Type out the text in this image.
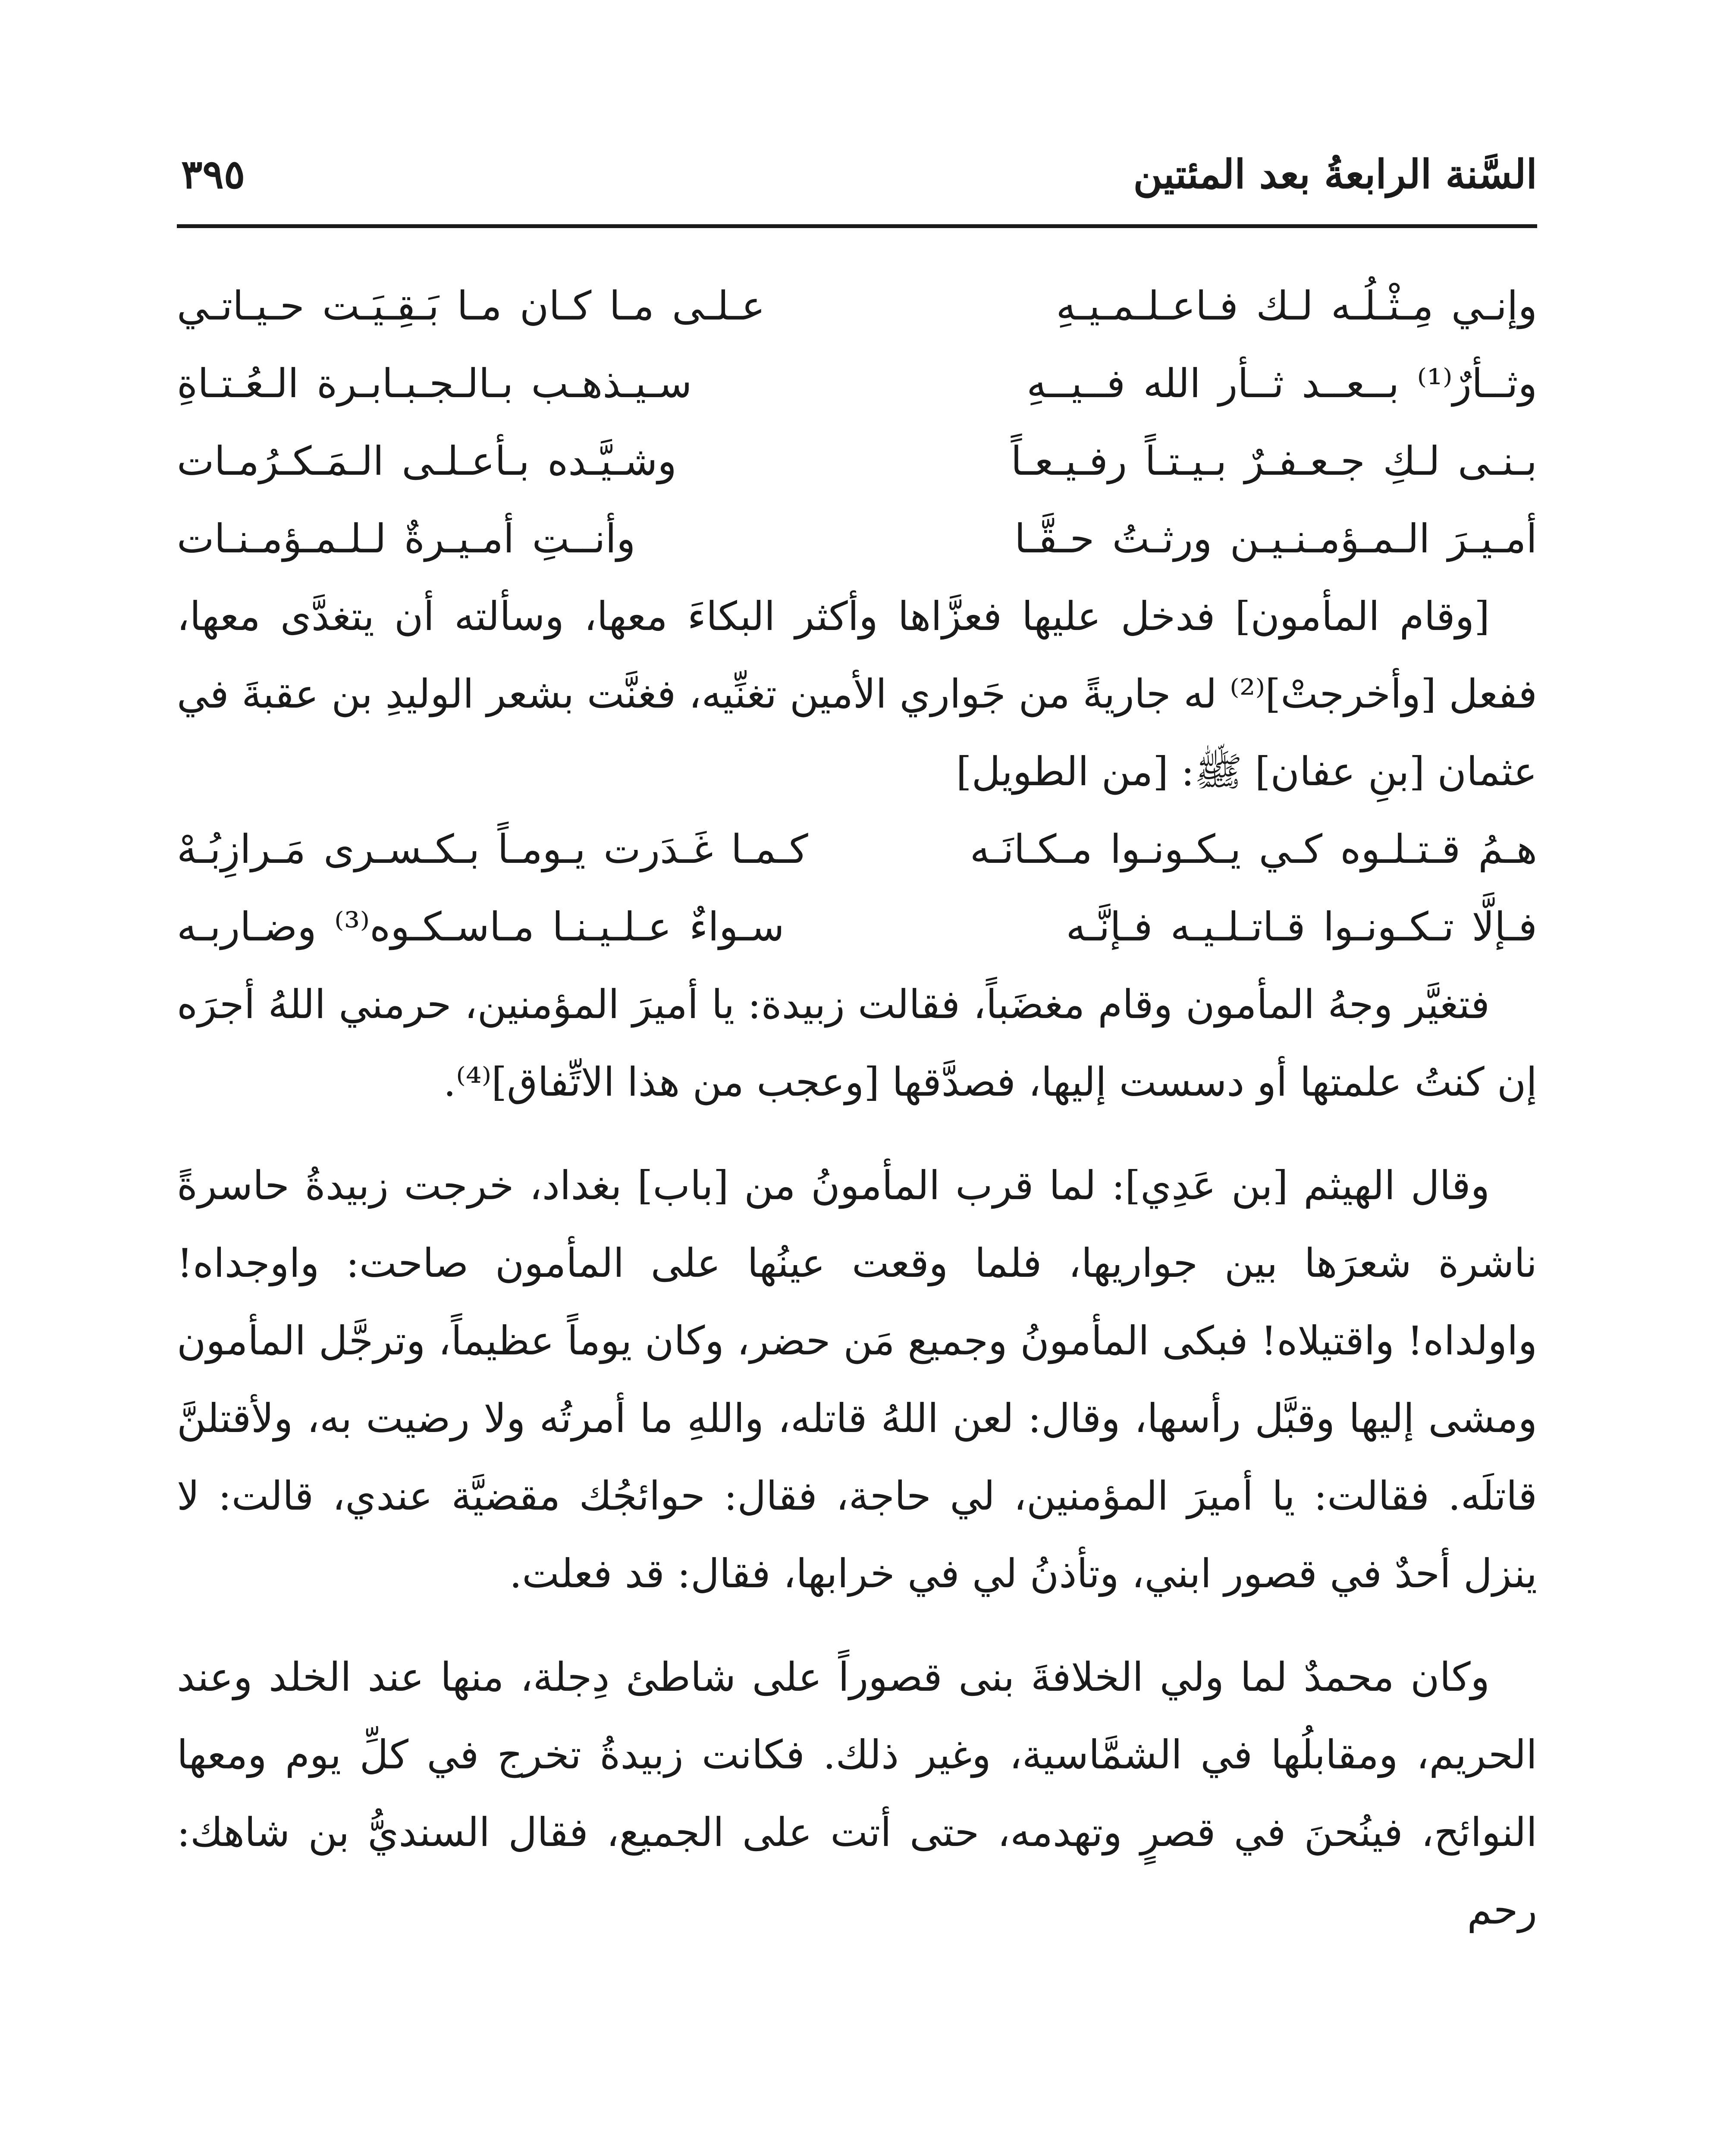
السَّنة الرابعةُ بعد المئتين
٣٩٥
وإنـي مِـثْـلُـه لـك فـاعـلـمـيـهِ
عـلـى مـا كـان مـا بَـقِـيَـت حـيـاتـي
وثــأرٌ⁽¹⁾ بــعــد ثــأر الله فــيــهِ
سـيـذهـب بـالـجـبـابـرة الـعُـتـاةِ
بـنـى لـكِ جـعـفـرٌ بـيـتـاً رفـيـعـاً
وشـيَّـده بـأعـلـى الـمَـكـرُمـات
أمـيـرَ الـمـؤمـنـيـن ورثـتُ حـقَّـا
وأنــتِ أمـيـرةٌ لـلـمـؤمـنـات

[وقام المأمون] فدخل عليها فعزَّاها وأكثر البكاءَ معها، وسألته أن يتغدَّى معها، ففعل [وأخرجتْ]⁽²⁾ له جاريةً من جَواري الأمين تغنِّيه، فغنَّت بشعر الوليدِ بن عقبةَ في عثمان [بنِ عفان] ﷺ: [من الطويل]

هـمُ قـتـلـوه كـي يـكـونـوا مـكـانَـه
كـمـا غَـدَرت يـومـاً بـكـسـرى مَـرازِبُـهْ
فـإلَّا تـكـونـوا قـاتـلـيـه فـإنَّـه
سـواءٌ عـلـيـنـا مـاسـكـوه⁽³⁾ وضـاربـه

فتغيَّر وجهُ المأمون وقام مغضَباً، فقالت زبيدة: يا أميرَ المؤمنين، حرمني اللهُ أجرَه إن كنتُ علمتها أو دسست إليها، فصدَّقها [وعجب من هذا الاتِّفاق]⁽⁴⁾.

وقال الهيثم [بن عَدِي]: لما قرب المأمونُ من [باب] بغداد، خرجت زبيدةُ حاسرةً ناشرة شعرَها بين جواريها، فلما وقعت عينُها على المأمون صاحت: واوجداه! واولداه! واقتيلاه! فبكى المأمونُ وجميع مَن حضر، وكان يوماً عظيماً، وترجَّل المأمون ومشى إليها وقبَّل رأسها، وقال: لعن اللهُ قاتله، واللهِ ما أمرتُه ولا رضيت به، ولأقتلنَّ قاتلَه. فقالت: يا أميرَ المؤمنين، لي حاجة، فقال: حوائجُك مقضيَّة عندي، قالت: لا ينزل أحدٌ في قصور ابني، وتأذنُ لي في خرابها، فقال: قد فعلت.

وكان محمدٌ لما ولي الخلافةَ بنى قصوراً على شاطئ دِجلة، منها عند الخلد وعند الحريم، ومقابلُها في الشمَّاسية، وغير ذلك. فكانت زبيدةُ تخرج في كلِّ يوم ومعها النوائح، فينُحنَ في قصرٍ وتهدمه، حتى أتت على الجميع، فقال السنديُّ بن شاهك: رحم
